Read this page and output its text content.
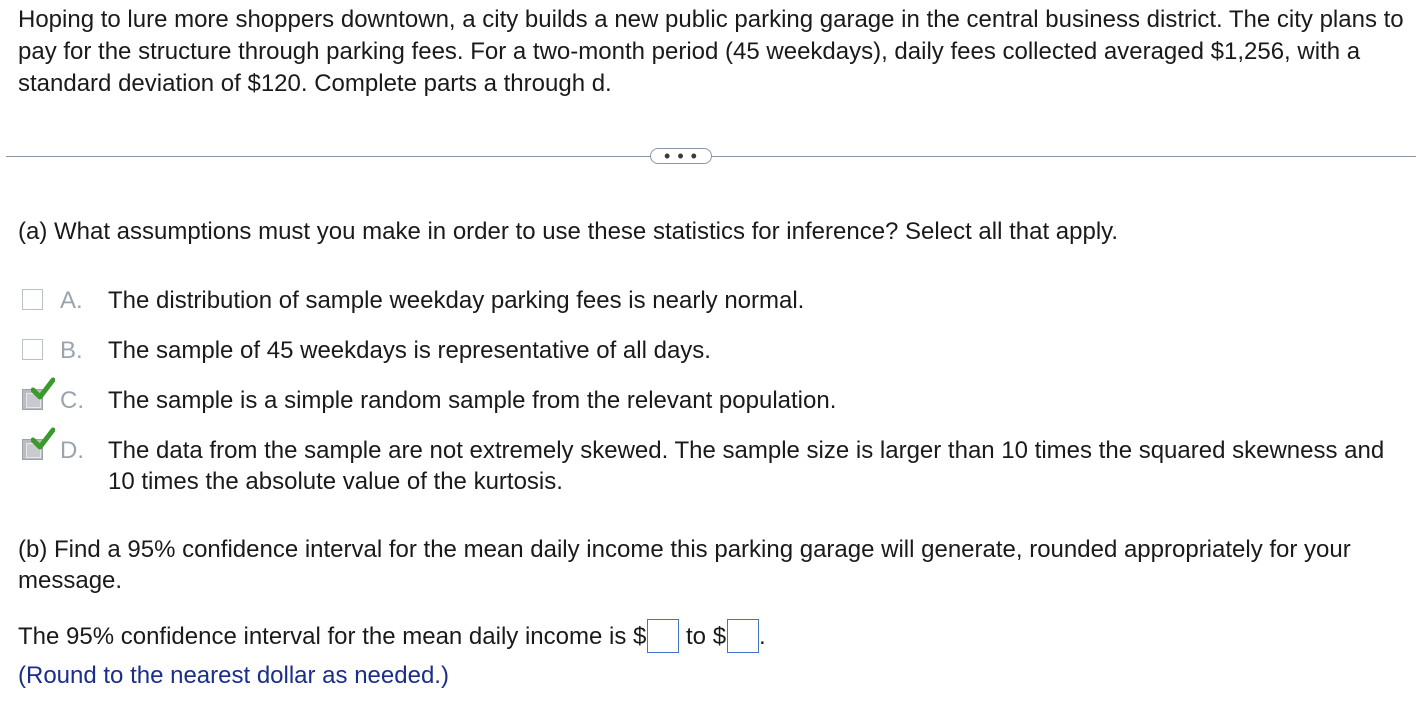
Hoping to lure more shoppers downtown, a city builds a new public parking garage in the central business district. The city plans to pay for the structure through parking fees. For a two-month period (45 weekdays), daily fees collected averaged $1,256, with a standard deviation of $120. Complete parts a through d.

• • •

(a) What assumptions must you make in order to use these statistics for inference? Select all that apply.

A. The distribution of sample weekday parking fees is nearly normal.
B. The sample of 45 weekdays is representative of all days.
C. The sample is a simple random sample from the relevant population.
D. The data from the sample are not extremely skewed. The sample size is larger than 10 times the squared skewness and 10 times the absolute value of the kurtosis.

(b) Find a 95% confidence interval for the mean daily income this parking garage will generate, rounded appropriately for your message.

The 95% confidence interval for the mean daily income is $ to $ .
(Round to the nearest dollar as needed.)
